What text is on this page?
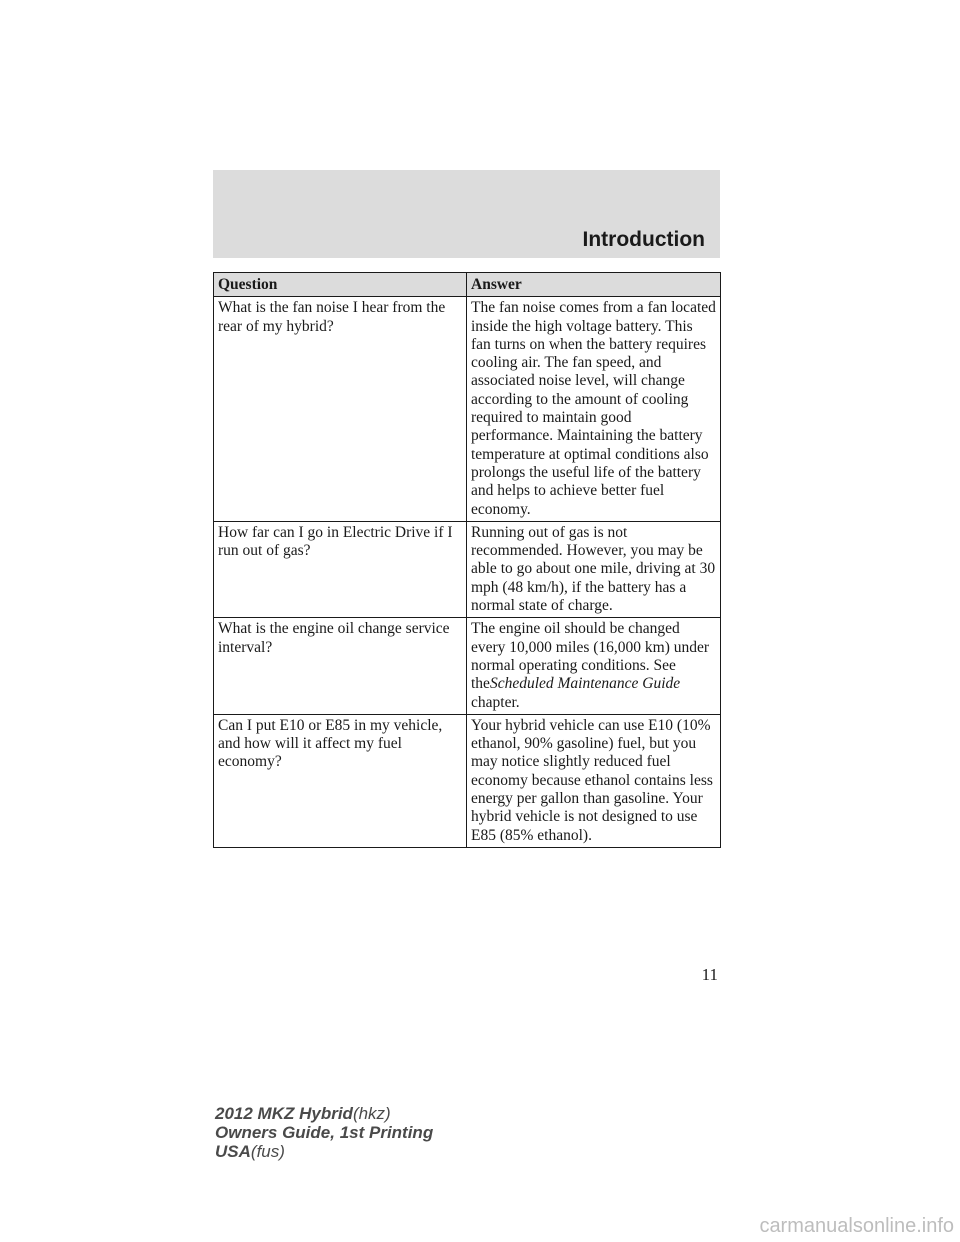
Introduction
Question	Answer
What is the fan noise I hear from the rear of my hybrid?	The fan noise comes from a fan located inside the high voltage battery. This fan turns on when the battery requires cooling air. The fan speed, and associated noise level, will change according to the amount of cooling required to maintain good performance. Maintaining the battery temperature at optimal conditions also prolongs the useful life of the battery and helps to achieve better fuel economy.
How far can I go in Electric Drive if I run out of gas?	Running out of gas is not recommended. However, you may be able to go about one mile, driving at 30 mph (48 km/h), if the battery has a normal state of charge.
What is the engine oil change service interval?	The engine oil should be changed every 10,000 miles (16,000 km) under normal operating conditions. See theScheduled Maintenance Guide chapter.
Can I put E10 or E85 in my vehicle, and how will it affect my fuel economy?	Your hybrid vehicle can use E10 (10% ethanol, 90% gasoline) fuel, but you may notice slightly reduced fuel economy because ethanol contains less energy per gallon than gasoline. Your hybrid vehicle is not designed to use E85 (85% ethanol).
11
2012 MKZ Hybrid(hkz)
Owners Guide, 1st Printing
USA(fus)
carmanualsonline.info
